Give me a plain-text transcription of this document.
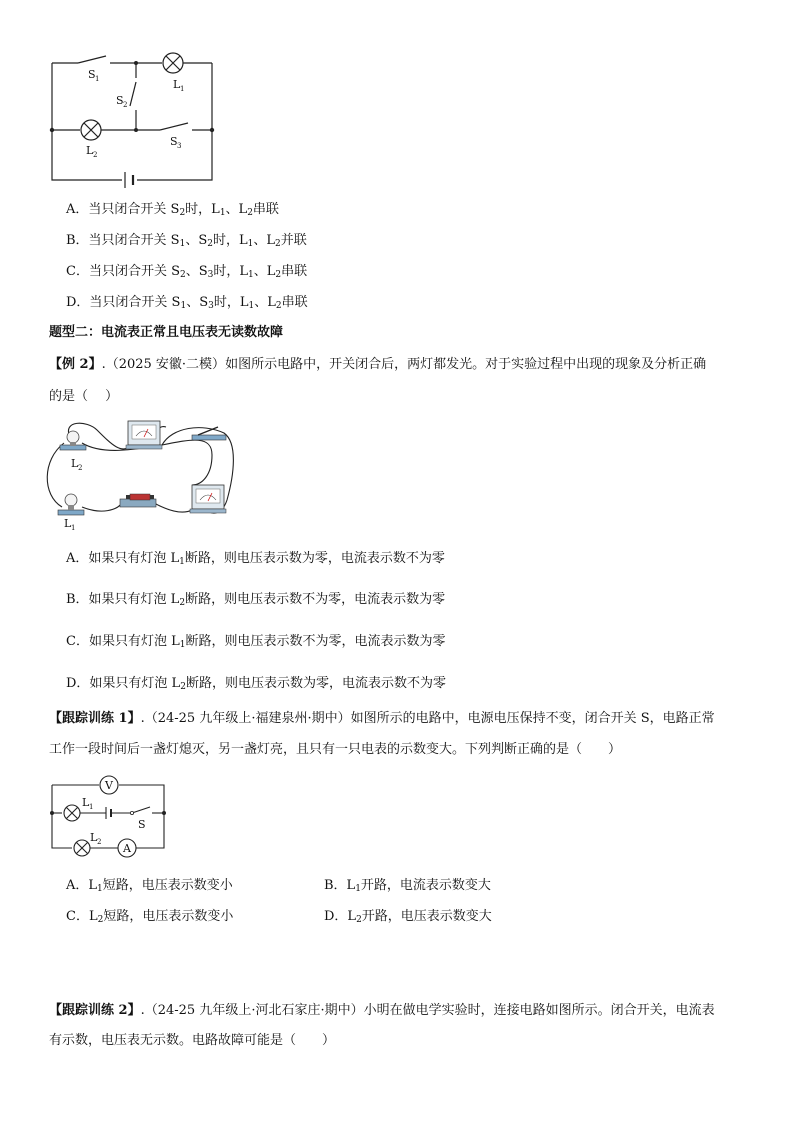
S 1
S 2
S 3
L 1
L 2
A．当只闭合开关 $S_2$时，$L_1$、$L_2$串联
B．当只闭合开关 $S_1$、$S_2$时，$L_1$、$L_2$并联
C．当只闭合开关 $S_2$、$S_3$时，$L_1$、$L_2$串联
D．当只闭合开关 $S_1$、$S_3$时，$L_1$、$L_2$串联
题型二：电流表正常且电压表无读数故障
【例 2】.（2025 安徽·二模）如图所示电路中，开关闭合后，两灯都发光。对于实验过程中出现的现象及分析正确
的是（　 ）
L 2
L 1
A．如果只有灯泡 $L_1$断路，则电压表示数为零，电流表示数不为零
B．如果只有灯泡 $L_2$断路，则电压表示数不为零，电流表示数为零
C．如果只有灯泡 $L_1$断路，则电压表示数不为零，电流表示数为零
D．如果只有灯泡 $L_2$断路，则电压表示数为零，电流表示数不为零
【跟踪训练 1】.（24-25 九年级上·福建泉州·期中）如图所示的电路中，电源电压保持不变，闭合开关 S，电路正常
工作一段时间后一盏灯熄灭，另一盏灯亮，且只有一只电表的示数变大。下列判断正确的是（　　）
V
A
S
L 1
L 2
A．$L_1$短路，电压表示数变小	B．$L_1$开路，电流表示数变大
C．$L_2$短路，电压表示数变小	D．$L_2$开路，电压表示数变大
【跟踪训练 2】.（24-25 九年级上·河北石家庄·期中）小明在做电学实验时，连接电路如图所示。闭合开关，电流表
有示数，电压表无示数。电路故障可能是（　　）
